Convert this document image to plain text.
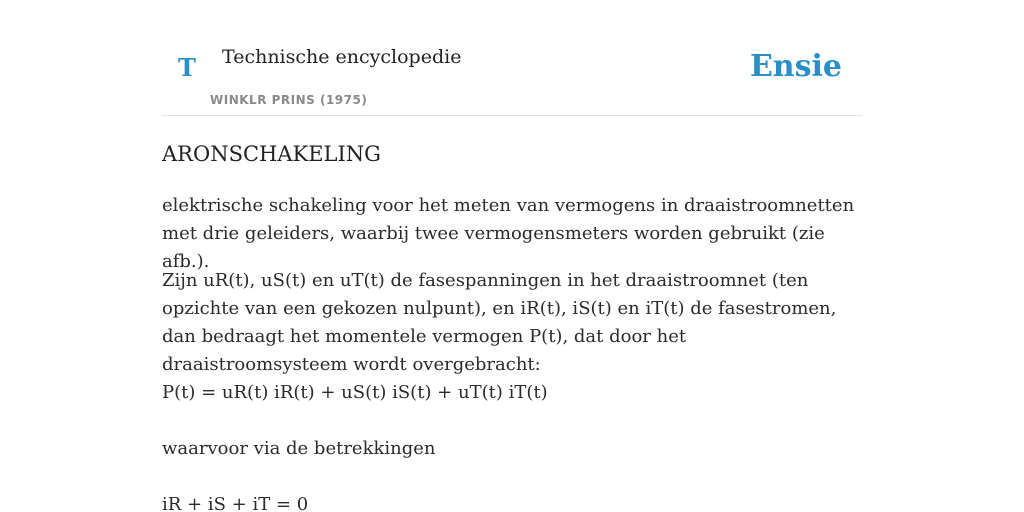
T Technische encyclopedie
WINKLR PRINS (1975)
Ensie
ARONSCHAKELING

elektrische schakeling voor het meten van vermogens in draaistroomnetten met drie geleiders, waarbij twee vermogensmeters worden gebruikt (zie afb.).

Zijn uR(t), uS(t) en uT(t) de fasespanningen in het draaistroomnet (ten opzichte van een gekozen nulpunt), en iR(t), iS(t) en iT(t) de fasestromen, dan bedraagt het momentele vermogen P(t), dat door het draaistroomsysteem wordt overgebracht:

P(t) = uR(t) iR(t) + uS(t) iS(t) + uT(t) iT(t)

waarvoor via de betrekkingen

iR + iS + iT = 0
